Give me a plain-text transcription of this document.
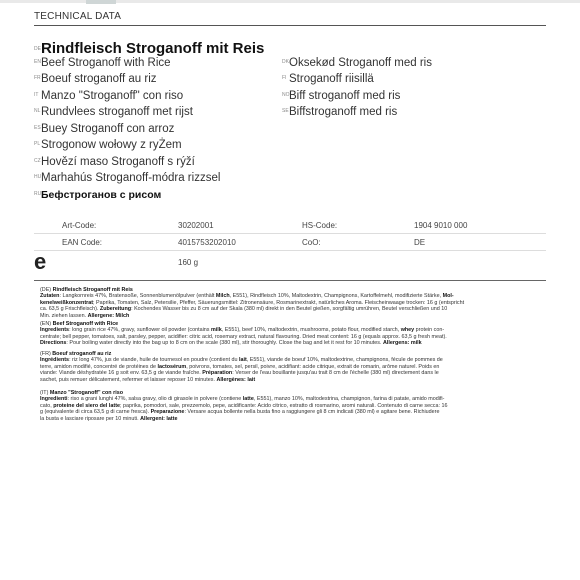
TECHNICAL DATA
DE Rindfleisch Stroganoff mit Reis
EN Beef Stroganoff with Rice
FR Boeuf stroganoff au riz
IT Manzo "Stroganoff" con riso
NL Rundvlees stroganoff met rijst
ES Buey Stroganoff con arroz
PL Strogonow wołowy z ryŻem
CZ Hovězí maso Stroganoff s rýží
HU Marhahús Stroganoff-módra rizzsel
RU Бефстроганов с рисом
DK Oksekød Stroganoff med ris
FI Stroganoff riisillä
NO Biff stroganoff med ris
SE Biffstroganoff med ris
Art-Code:	30202001	HS-Code:	1904 9010 000
EAN Code:	4015753202010	CoO:	DE
e	160 g

(DE) Rindfleisch Stroganoff mit Reis

Zutaten: Langkornreis 47%, Bratensoße, Sonnenblumenölpulver (enthält Milch, E551), Rindfleisch 10%, Maltodextrin, Champignons, Kartoffelmehl, modifizierte Stärke, Mol-

kenelweißkonzentrat; Paprika, Tomaten, Salz, Petersilie, Pfeffer, Säuerungsmittel: Zitronensäure, Rosmarinextrakt, natürliches Aroma. Fleischeinwaage trocken: 16 g (entspricht

ca. 63,5 g Frischfleisch). Zubereitung: Kochendes Wasser bis zu 8 cm auf der Skala (380 ml) direkt in den Beutel gießen, sorgfältig umrühren, Beutel verschließen und 10

Min. ziehen lassen. Allergene: Milch

(EN) Beef Stroganoff with Rice

Ingredients: long grain rice 47%, gravy, sunflower oil powder (contains milk, E551), beef 10%, maltodextrin, mushrooms, potato flour, modified starch, whey protein con-

centrate; bell pepper, tomatoes, salt, parsley, pepper, acidifier: citric acid, rosemary extract, natural flavouring. Dried meat content: 16 g (equals approx. 63,5 g fresh meat).

Directions: Pour boiling water directly into the bag up to 8 cm on the scale (380 ml), stir thoroughly. Close the bag and let it rest for 10 minutes. Allergens: milk

(FR) Boeuf stroganoff au riz

Ingrédients: riz long 47%, jus de viande, huile de tournesol en poudre (contient du lait, E551), viande de boeuf 10%, maltodextrine, champignons, fécule de pommes de

terre, amidon modifié, concentré de protéines de lactosérum, poivrons, tomates, sel, persil, poivre, acidifiant: acide citrique, extrait de romarin, arôme naturel. Poids en

viande: Viande déshydratée 16 g soit env. 63,5 g de viande fraîche. Préparation: Verser de l'eau bouillante jusqu'au trait 8 cm de l'échelle (380 ml) directement dans le

sachet, puis remuer délicatement, refermer et laisser reposer 10 minutes. Allergènes: lait

(IT) Manzo "Stroganoff" con riso

Ingredienti: riso a grani lunghi 47%, salsa gravy, olio di girasole in polvere (contiene latte, E551), manzo 10%, maltodestrina, champignon, farina di patate, amido modifi-

cato, proteine del siero del latte; paprika, pomodori, sale, prezzemolo, pepe, acidificante: Acido citrico, estratto di rosmarino, aromi naturali. Contenuto di carne secca: 16

g (equivalente di circa 63,5 g di carne fresca). Preparazione: Versare acqua bollente nella busta fino a raggiungere gli 8 cm indicati (380 ml) e agitare bene. Richiudere

la busta e lasciare riposare per 10 minuti. Allergeni: latte
